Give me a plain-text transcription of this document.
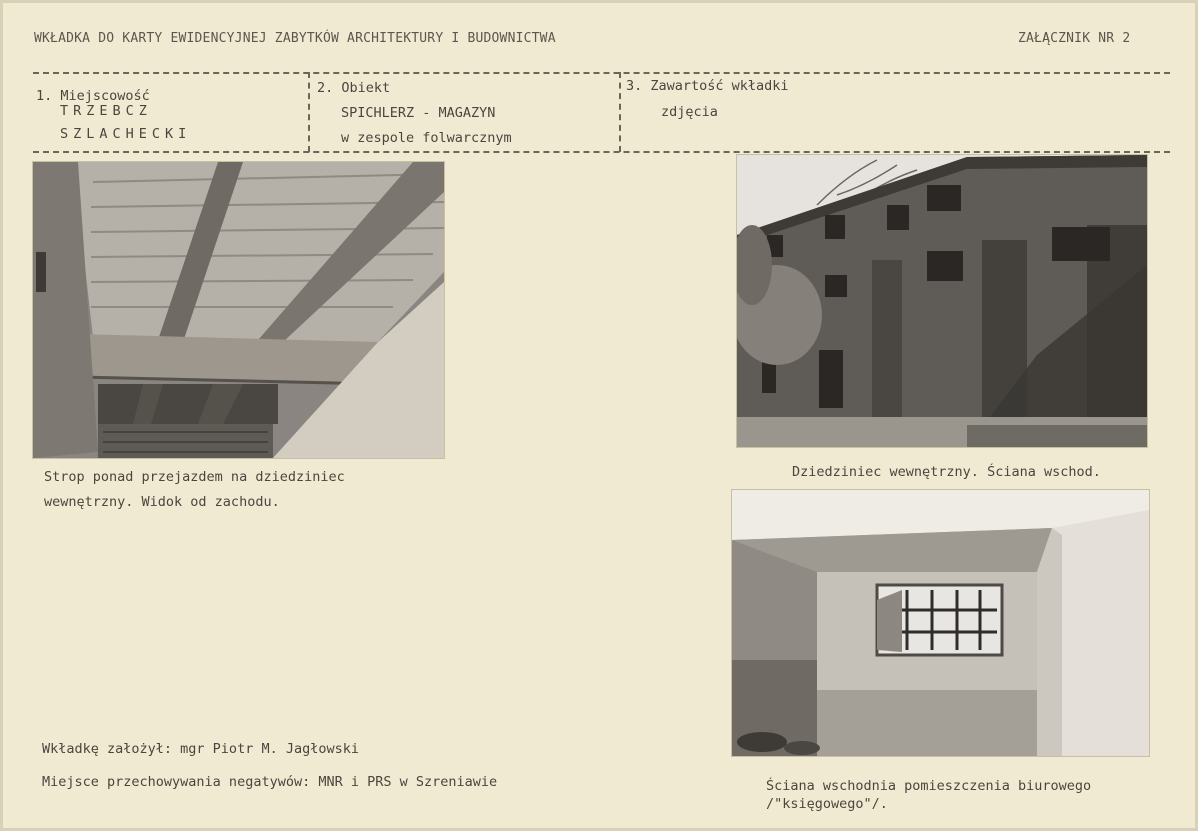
WKŁADKA DO KARTY EWIDENCYJNEJ ZABYTKÓW ARCHITEKTURY I BUDOWNICTWA	ZAŁĄCZNIK NR 2
1. Miejscowość
TRZEBCZ
SZLACHECKI
2. Obiekt
SPICHLERZ - MAGAZYN
w zespole folwarcznym
3. Zawartość wkładki
zdjęcia
Strop ponad przejazdem na dziedziniec
wewnętrzny. Widok od zachodu.
Dziedziniec wewnętrzny. Ściana wschod.
Ściana wschodnia pomieszczenia biurowego
/"księgowego"/.
Wkładkę założył: mgr Piotr M. Jagłowski
Miejsce przechowywania negatywów: MNR i PRS w Szreniawie
